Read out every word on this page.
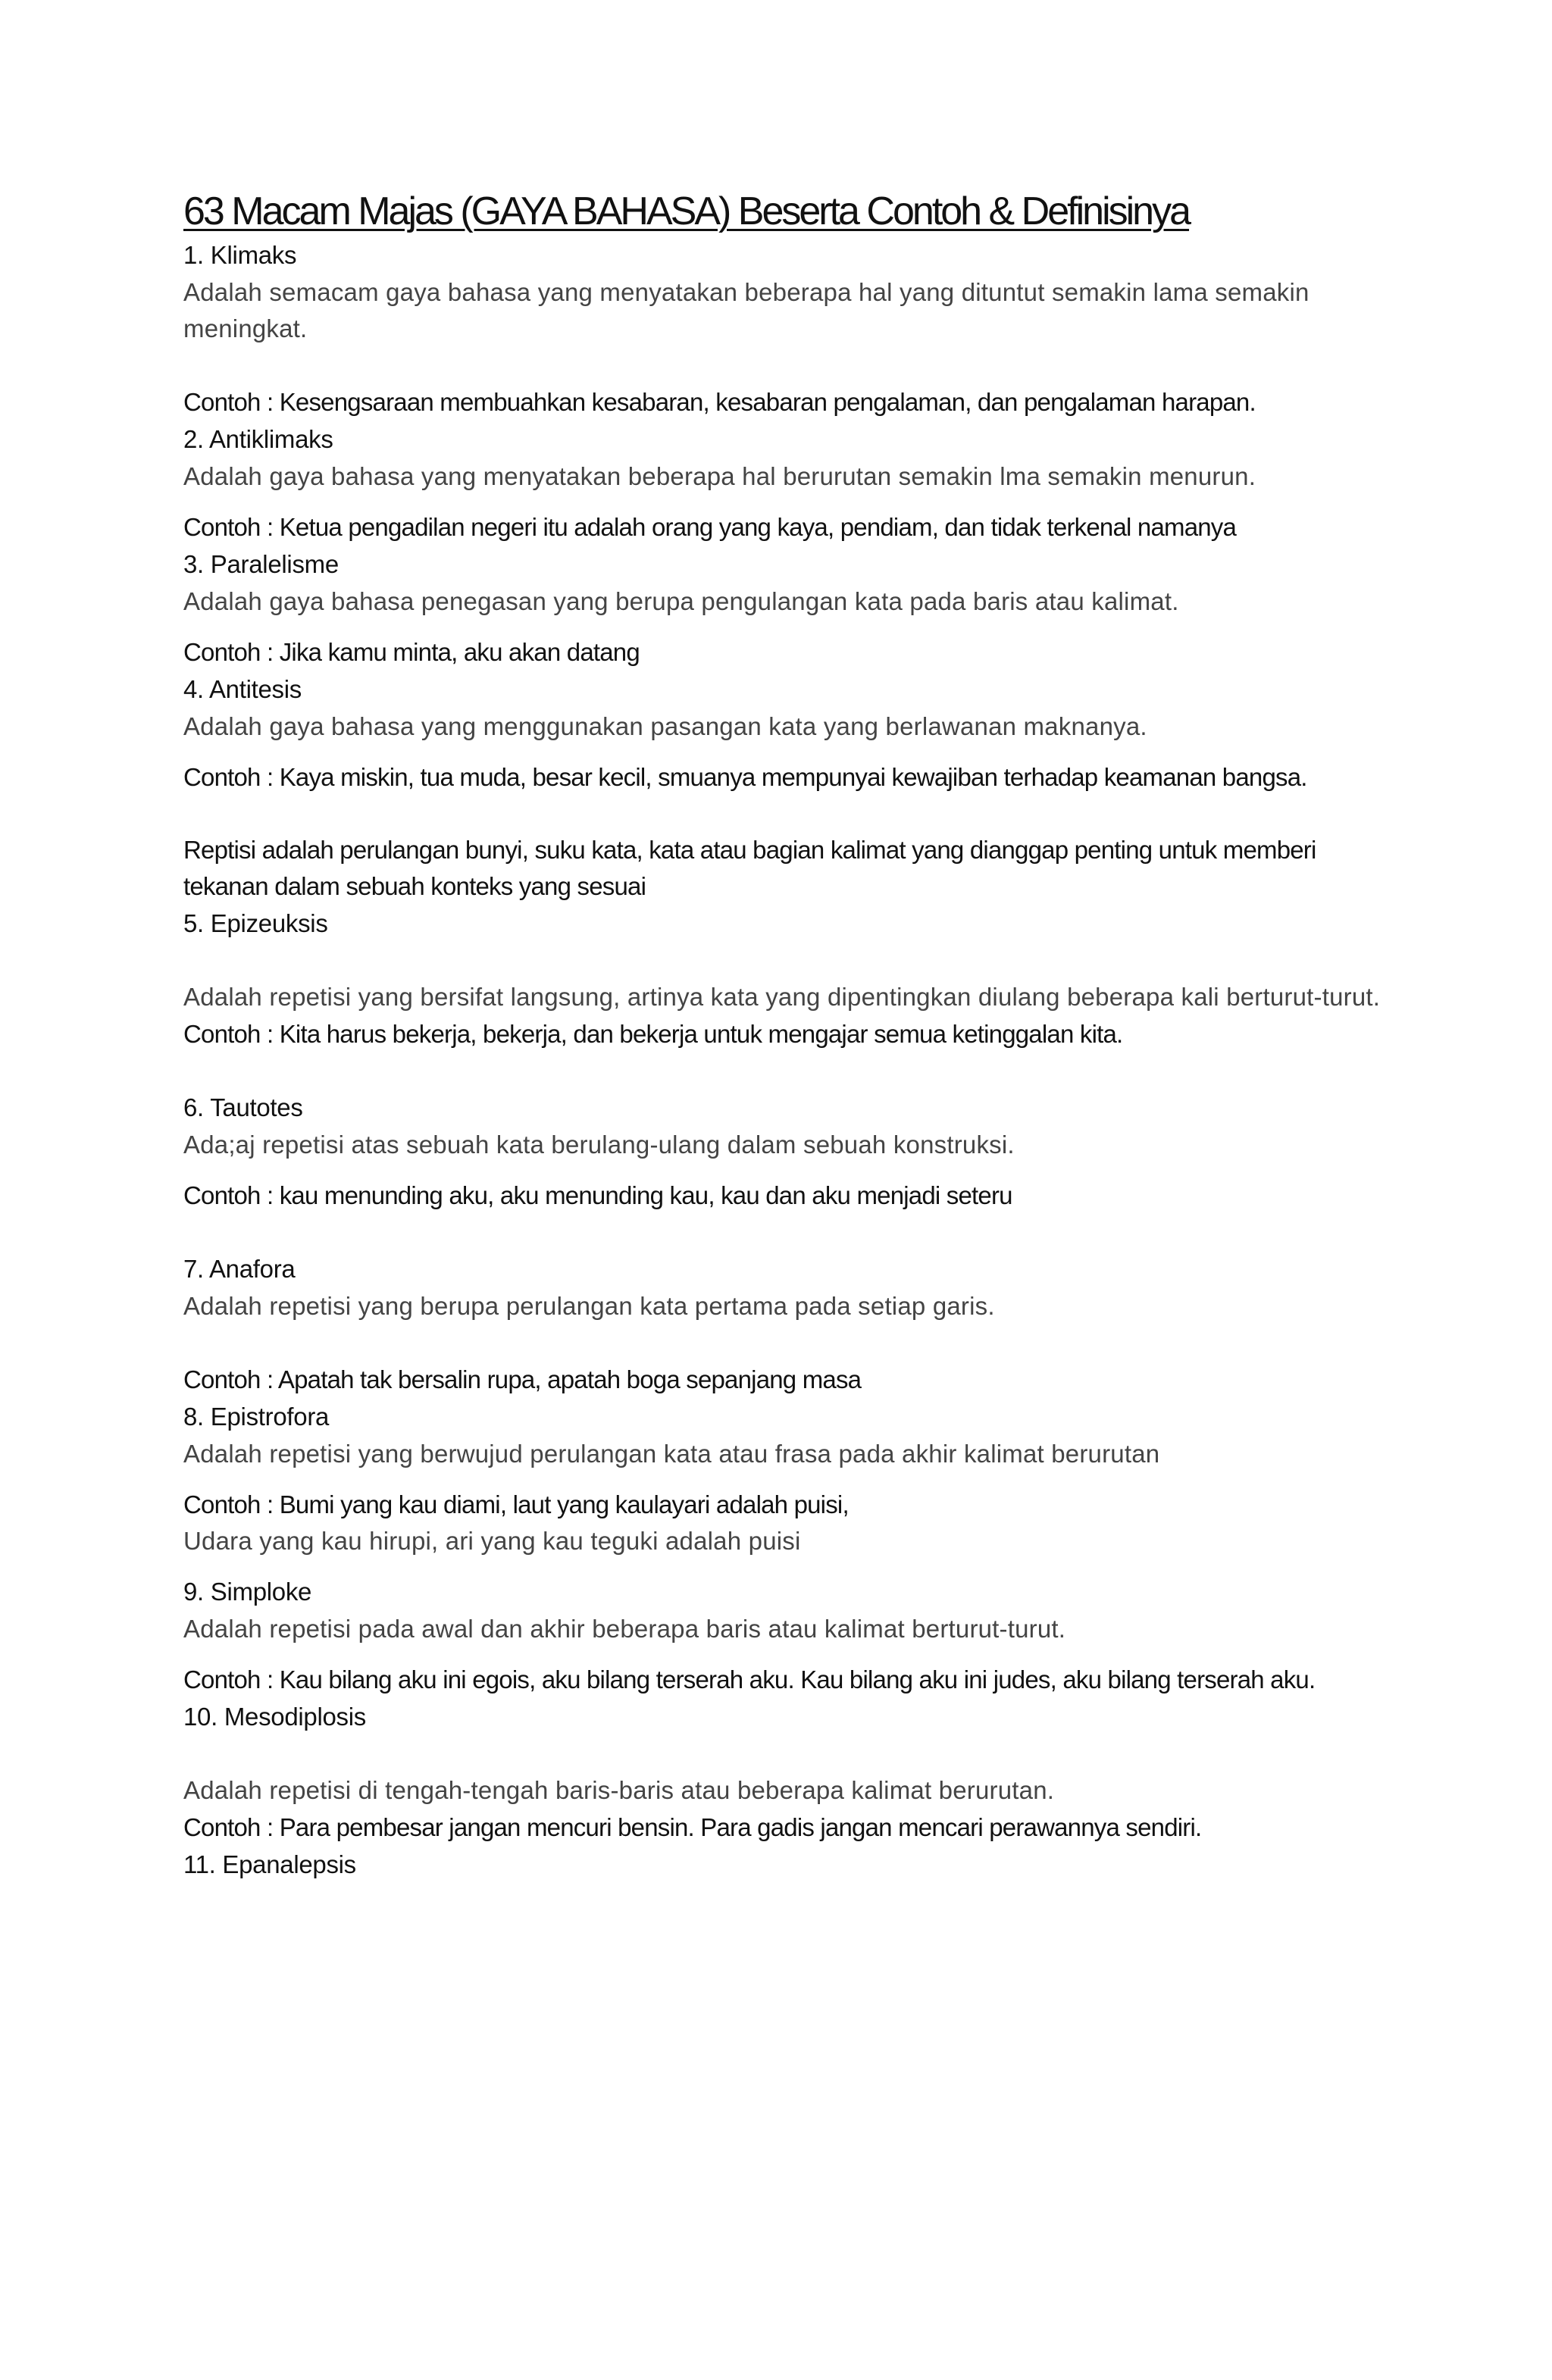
63 Macam Majas (GAYA BAHASA) Beserta Contoh & Definisinya
1. Klimaks
Adalah semacam gaya bahasa yang menyatakan beberapa hal yang dituntut semakin lama semakin meningkat.
Contoh : Kesengsaraan membuahkan kesabaran, kesabaran pengalaman, dan pengalaman harapan.
2. Antiklimaks
Adalah gaya bahasa yang menyatakan beberapa hal berurutan semakin lma semakin menurun.
Contoh : Ketua pengadilan negeri itu adalah orang yang kaya, pendiam, dan tidak terkenal namanya
3. Paralelisme
Adalah gaya bahasa penegasan yang berupa pengulangan kata pada baris atau kalimat.
Contoh : Jika kamu minta, aku akan datang
4. Antitesis
Adalah gaya bahasa yang menggunakan pasangan kata yang berlawanan maknanya.
Contoh : Kaya miskin, tua muda, besar kecil, smuanya mempunyai kewajiban terhadap keamanan bangsa.
Reptisi adalah perulangan bunyi, suku kata, kata atau bagian kalimat yang dianggap penting untuk memberi tekanan dalam sebuah konteks yang sesuai
5. Epizeuksis
Adalah repetisi yang bersifat langsung, artinya kata yang dipentingkan diulang beberapa kali berturut-turut.
Contoh : Kita harus bekerja, bekerja, dan bekerja untuk mengajar semua ketinggalan kita.
6. Tautotes
Ada;aj repetisi atas sebuah kata berulang-ulang dalam sebuah konstruksi.
Contoh : kau menunding aku, aku menunding kau, kau dan aku menjadi seteru
7. Anafora
Adalah repetisi yang berupa perulangan kata pertama pada setiap garis.
Contoh : Apatah tak bersalin rupa, apatah boga sepanjang masa
8. Epistrofora
Adalah repetisi yang berwujud perulangan kata atau frasa pada akhir kalimat berurutan
Contoh : Bumi yang kau diami, laut yang kaulayari adalah puisi,
Udara yang kau hirupi, ari yang kau teguki adalah puisi
9. Simploke
Adalah repetisi pada awal dan akhir beberapa baris atau kalimat berturut-turut.
Contoh : Kau bilang aku ini egois, aku bilang terserah aku. Kau bilang aku ini judes, aku bilang terserah aku.
10. Mesodiplosis
Adalah repetisi di tengah-tengah baris-baris atau beberapa kalimat berurutan.
Contoh : Para pembesar jangan mencuri bensin. Para gadis jangan mencari perawannya sendiri.
11. Epanalepsis
